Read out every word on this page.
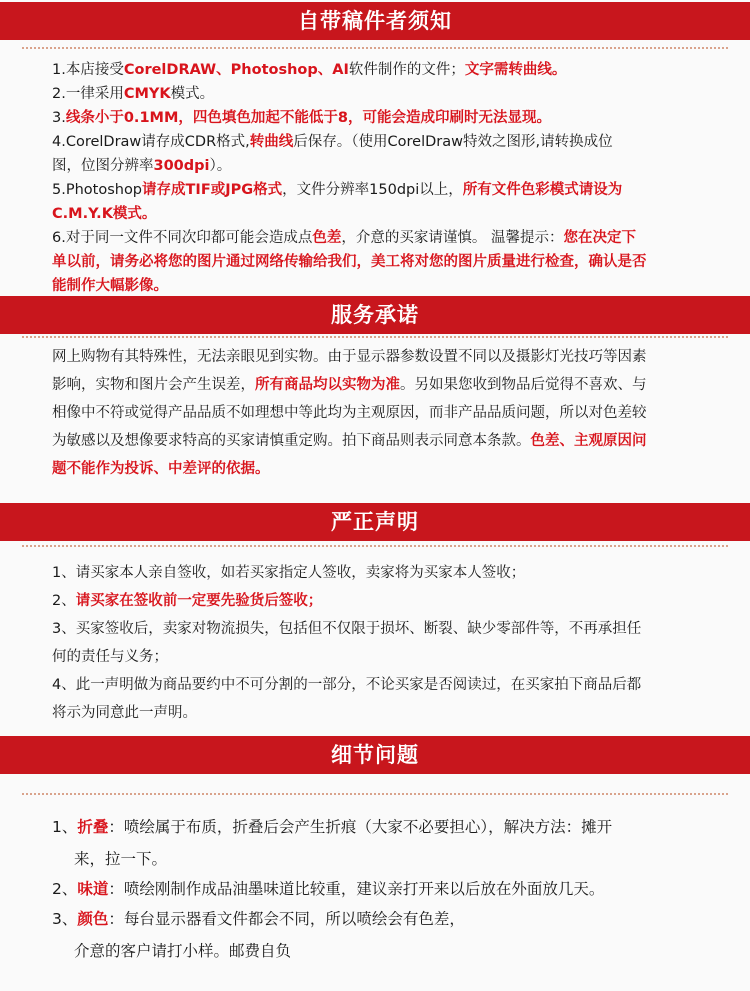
自带稿件者须知
1.本店接受CorelDRAW、Photoshop、AI软件制作的文件；文字需转曲线。
2.一律采用CMYK模式。
3.线条小于0.1MM，四色填色加起不能低于8，可能会造成印刷时无法显现。
4.CorelDraw请存成CDR格式,转曲线后保存。（使用CorelDraw特效之图形,请转换成位
图，位图分辨率300dpi）。
5.Photoshop请存成TIF或JPG格式，文件分辨率150dpi以上，所有文件色彩模式请设为
C.M.Y.K模式。
6.对于同一文件不同次印都可能会造成点色差，介意的买家请谨慎。 温馨提示：您在决定下
单以前，请务必将您的图片通过网络传输给我们，美工将对您的图片质量进行检查，确认是否
能制作大幅影像。
服务承诺
网上购物有其特殊性，无法亲眼见到实物。由于显示器参数设置不同以及摄影灯光技巧等因素
影响，实物和图片会产生误差，所有商品均以实物为准。另如果您收到物品后觉得不喜欢、与
相像中不符或觉得产品品质不如理想中等此均为主观原因，而非产品品质问题，所以对色差较
为敏感以及想像要求特高的买家请慎重定购。拍下商品则表示同意本条款。色差、主观原因问
题不能作为投诉、中差评的依据。
严正声明
1、请买家本人亲自签收，如若买家指定人签收，卖家将为买家本人签收；
2、请买家在签收前一定要先验货后签收；
3、买家签收后，卖家对物流损失，包括但不仅限于损坏、断裂、缺少零部件等，不再承担任
何的责任与义务；
4、此一声明做为商品要约中不可分割的一部分，不论买家是否阅读过，在买家拍下商品后都
将示为同意此一声明。
细节问题
1、折叠：喷绘属于布质，折叠后会产生折痕（大家不必要担心），解决方法：摊开
来，拉一下。
2、味道：喷绘刚制作成品油墨味道比较重，建议亲打开来以后放在外面放几天。
3、颜色：每台显示器看文件都会不同，所以喷绘会有色差，
介意的客户请打小样。邮费自负
